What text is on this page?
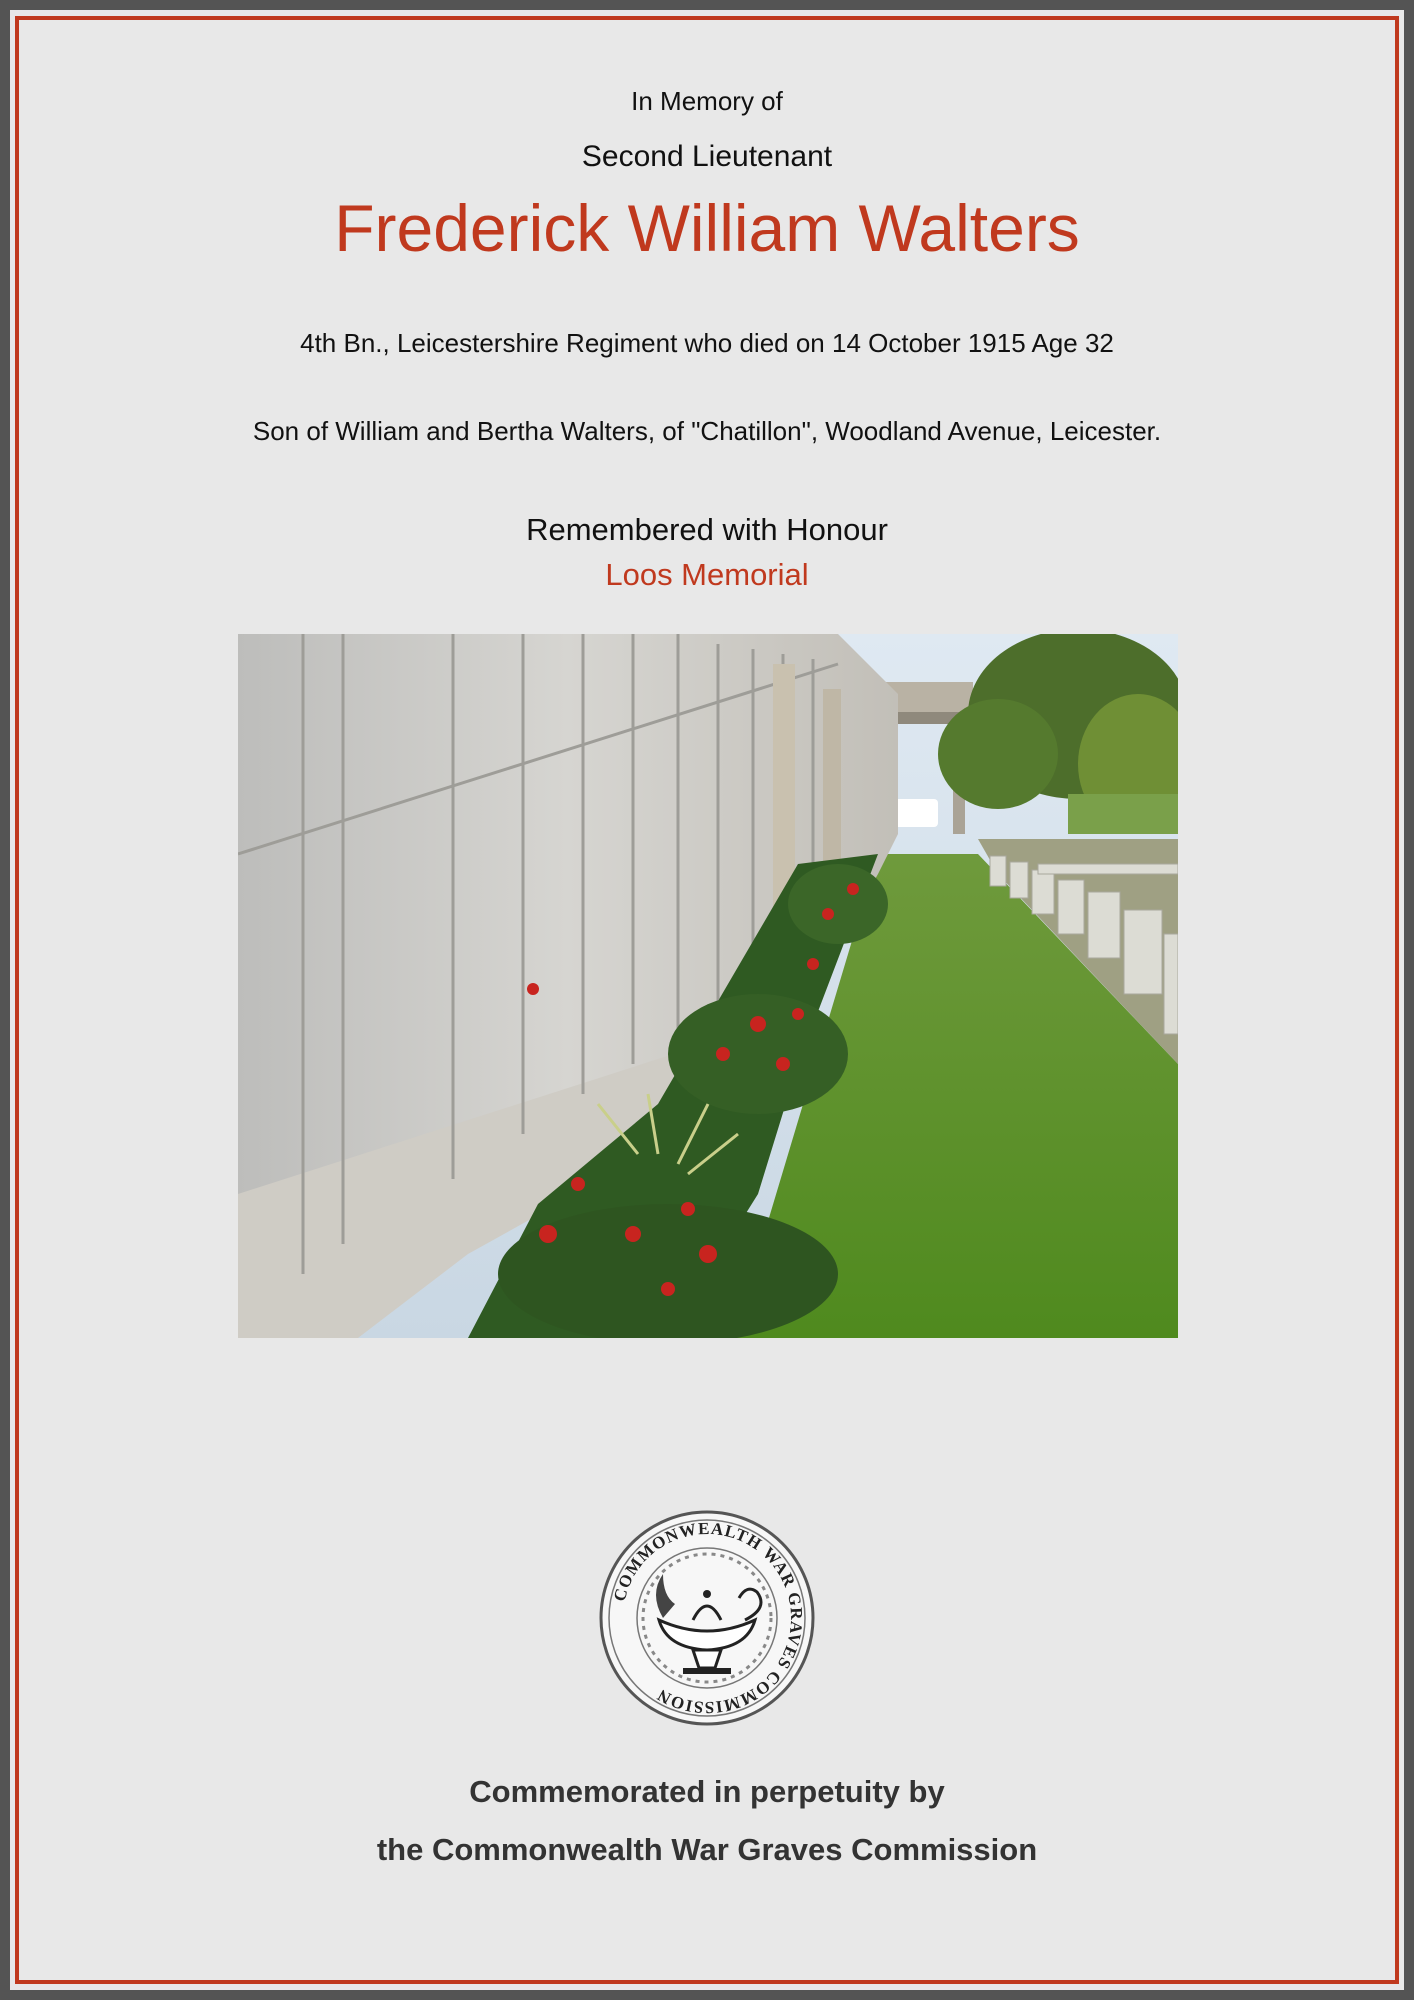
In Memory of
Second Lieutenant
Frederick William Walters
4th Bn., Leicestershire Regiment who died on 14 October 1915 Age 32
Son of William and Bertha Walters, of "Chatillon", Woodland Avenue, Leicester.
Remembered with Honour
Loos Memorial
COMMONWEALTH WAR GRAVES COMMISSION
Commemorated in perpetuity by
the Commonwealth War Graves Commission
